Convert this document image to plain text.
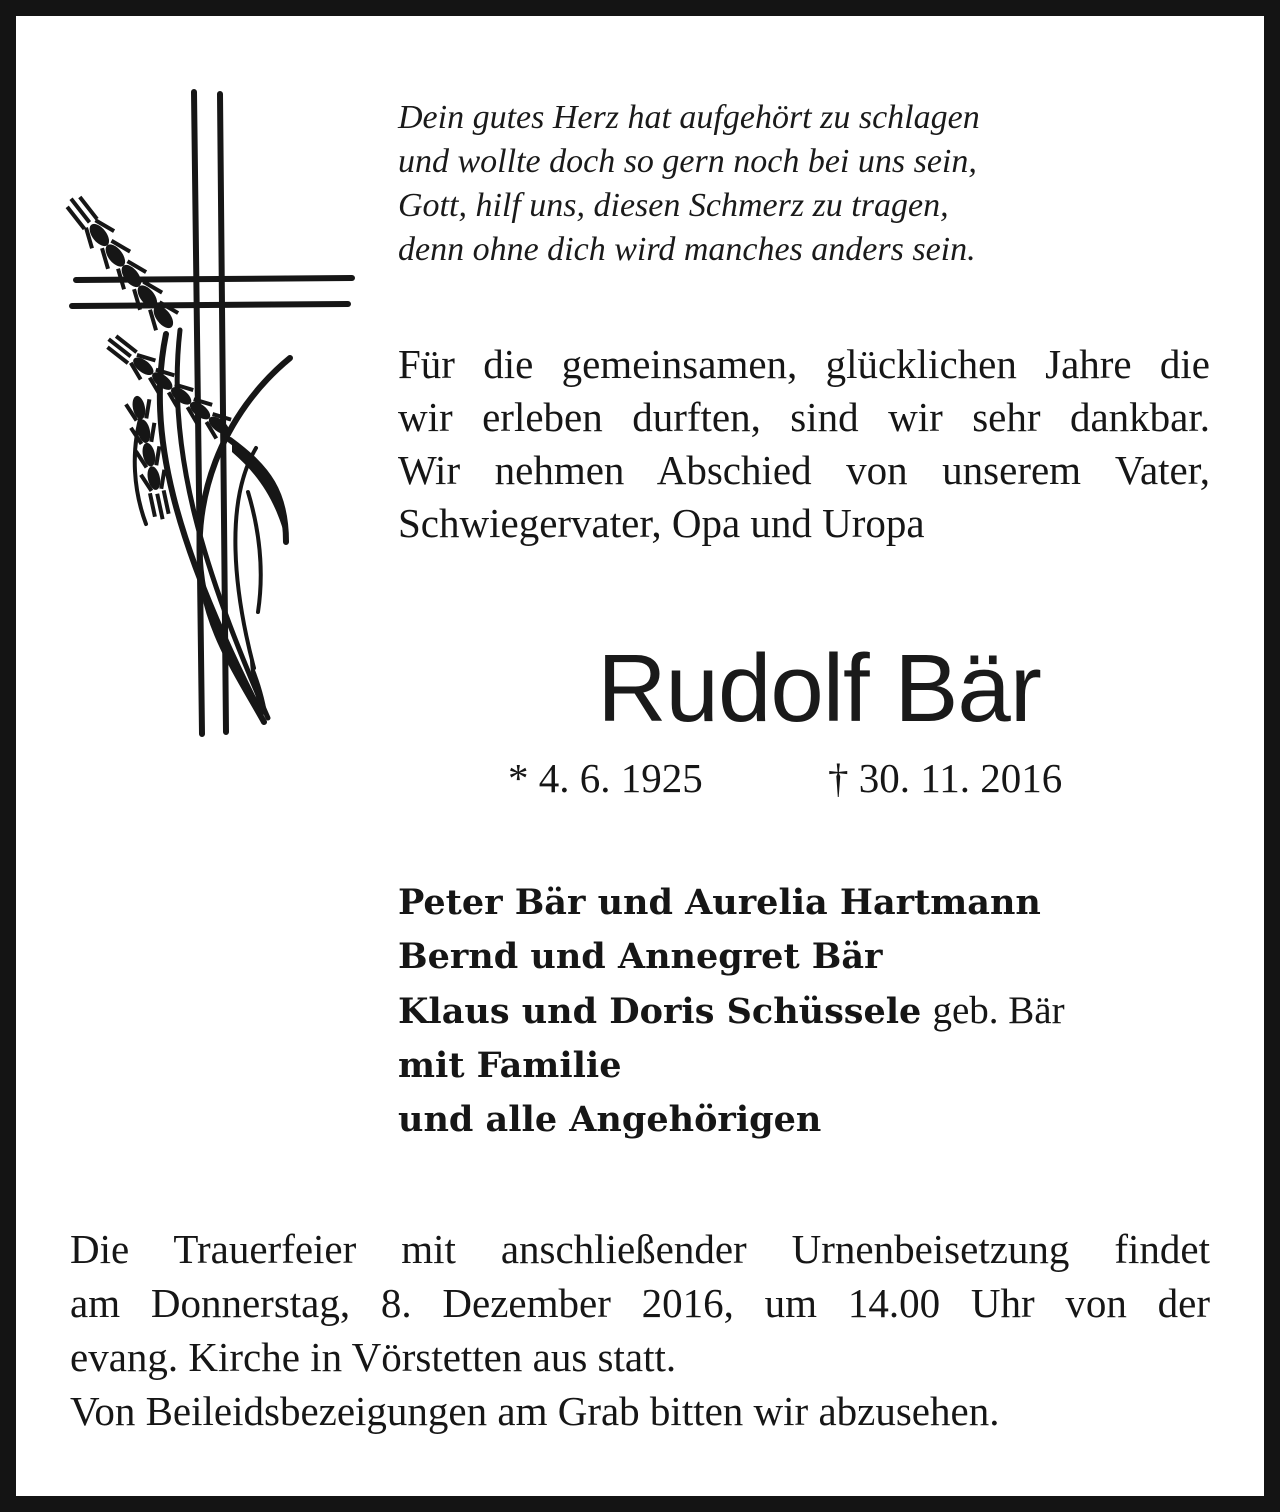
Dein gutes Herz hat aufgehört zu schlagen
und wollte doch so gern noch bei uns sein,
Gott, hilf uns, diesen Schmerz zu tragen,
denn ohne dich wird manches anders sein.
Für die gemeinsamen, glücklichen Jahre die
wir erleben durften, sind wir sehr dankbar.
Wir nehmen Abschied von unserem Vater,
Schwiegervater, Opa und Uropa
Rudolf Bär
* 4. 6. 1925	† 30. 11. 2016
Peter Bär und Aurelia Hartmann
Bernd und Annegret Bär
Klaus und Doris Schüssele geb. Bär
mit Familie
und alle Angehörigen
Die Trauerfeier mit anschließender Urnenbeisetzung findet
am Donnerstag, 8. Dezember 2016, um 14.00 Uhr von der
evang. Kirche in Vörstetten aus statt.
Von Beileidsbezeigungen am Grab bitten wir abzusehen.
